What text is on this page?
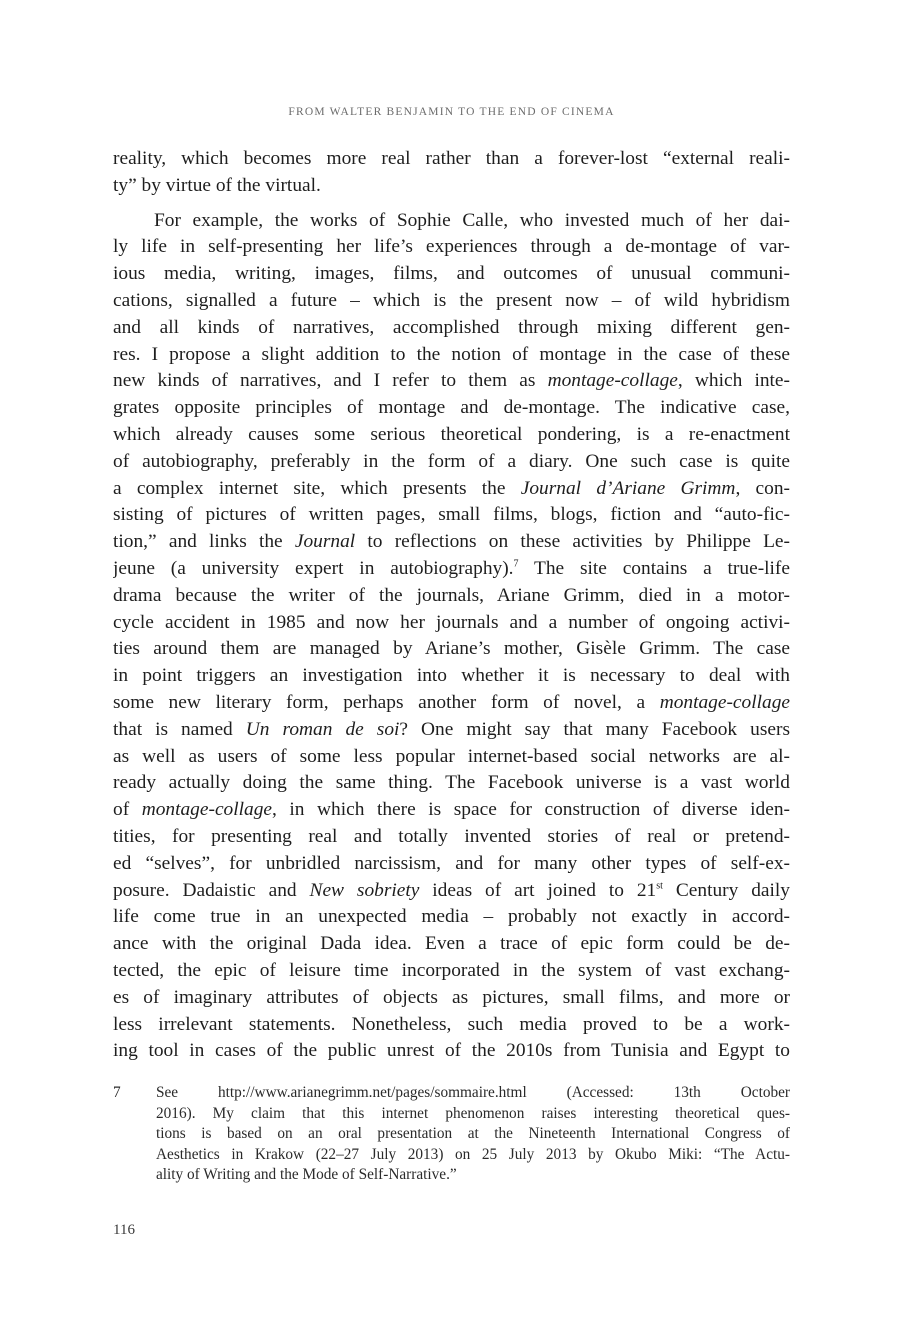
FROM WALTER BENJAMIN TO THE END OF CINEMA
reality, which becomes more real rather than a forever-lost “external reali-
ty” by virtue of the virtual.
For example, the works of Sophie Calle, who invested much of her dai-
ly life in self-presenting her life’s experiences through a de-montage of var-
ious media, writing, images, films, and outcomes of unusual communi-
cations, signalled a future – which is the present now – of wild hybridism
and all kinds of narratives, accomplished through mixing different gen-
res. I propose a slight addition to the notion of montage in the case of these
new kinds of narratives, and I refer to them as montage-collage, which inte-
grates opposite principles of montage and de-montage. The indicative case,
which already causes some serious theoretical pondering, is a re-enactment
of autobiography, preferably in the form of a diary. One such case is quite
a complex internet site, which presents the Journal d’Ariane Grimm, con-
sisting of pictures of written pages, small films, blogs, fiction and “auto-fic-
tion,” and links the Journal to reflections on these activities by Philippe Le-
jeune (a university expert in autobiography).$^7$ The site contains a true-life
drama because the writer of the journals, Ariane Grimm, died in a motor-
cycle accident in 1985 and now her journals and a number of ongoing activi-
ties around them are managed by Ariane’s mother, Gisèle Grimm. The case
in point triggers an investigation into whether it is necessary to deal with
some new literary form, perhaps another form of novel, a montage-collage
that is named Un roman de soi? One might say that many Facebook users
as well as users of some less popular internet-based social networks are al-
ready actually doing the same thing. The Facebook universe is a vast world
of montage-collage, in which there is space for construction of diverse iden-
tities, for presenting real and totally invented stories of real or pretend-
ed “selves”, for unbridled narcissism, and for many other types of self-ex-
posure. Dadaistic and New sobriety ideas of art joined to 21st Century daily
life come true in an unexpected media – probably not exactly in accord-
ance with the original Dada idea. Even a trace of epic form could be de-
tected, the epic of leisure time incorporated in the system of vast exchang-
es of imaginary attributes of objects as pictures, small films, and more or
less irrelevant statements. Nonetheless, such media proved to be a work-
ing tool in cases of the public unrest of the 2010s from Tunisia and Egypt to
7 See http://www.arianegrimm.net/pages/sommaire.html (Accessed: 13th October
2016). My claim that this internet phenomenon raises interesting theoretical ques-
tions is based on an oral presentation at the Nineteenth International Congress of
Aesthetics in Krakow (22–27 July 2013) on 25 July 2013 by Okubo Miki: “The Actu-
ality of Writing and the Mode of Self-Narrative.”
116
